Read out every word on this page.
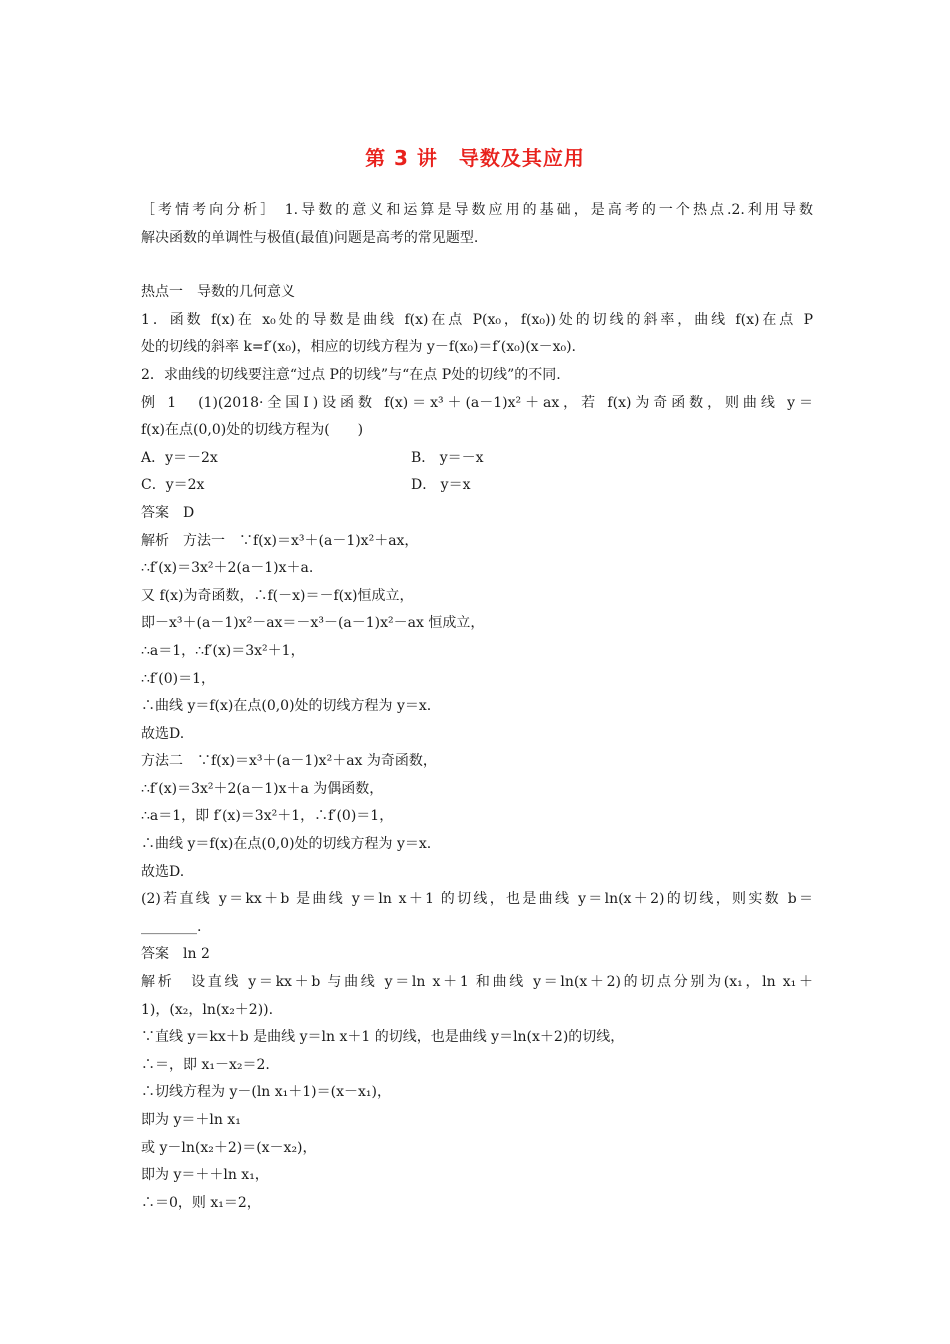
第 3 讲　导数及其应用
［考情考向分析］ 1.导数的意义和运算是导数应用的基础，是高考的一个热点.2.利用导数
解决函数的单调性与极值(最值)问题是高考的常见题型.
热点一　导数的几何意义
1．函数 f(x)在 x₀处的导数是曲线 f(x)在点 P(x₀，f(x₀))处的切线的斜率，曲线 f(x)在点 P
处的切线的斜率 k=f′(x₀)，相应的切线方程为 y－f(x₀)＝f′(x₀)(x－x₀).
2．求曲线的切线要注意“过点 P的切线”与“在点 P处的切线”的不同.
例 1　(1)(2018·全国Ⅰ)设函数 f(x)＝x³＋(a－1)x²＋ax，若 f(x)为奇函数，则曲线 y＝
f(x)在点(0,0)处的切线方程为(　　)
A．y＝－2x	B． y＝－x
C．y＝2x	D． y＝x
答案　D
解析　方法一　∵f(x)＝x³＋(a－1)x²＋ax，
∴f′(x)＝3x²＋2(a－1)x＋a.
又 f(x)为奇函数，∴f(－x)＝－f(x)恒成立，
即－x³＋(a－1)x²－ax＝－x³－(a－1)x²－ax 恒成立，
∴a＝1，∴f′(x)＝3x²＋1，
∴f′(0)＝1，
∴曲线 y＝f(x)在点(0,0)处的切线方程为 y＝x.
故选D.
方法二　∵f(x)＝x³＋(a－1)x²＋ax 为奇函数，
∴f′(x)＝3x²＋2(a－1)x＋a 为偶函数，
∴a＝1，即 f′(x)＝3x²＋1，∴f′(0)＝1，
∴曲线 y＝f(x)在点(0,0)处的切线方程为 y＝x.
故选D.
(2)若直线 y＝kx＋b 是曲线 y＝ln x＋1 的切线，也是曲线 y＝ln(x＋2)的切线，则实数 b＝
________.
答案　ln 2
解析　设直线 y＝kx＋b 与曲线 y＝ln x＋1 和曲线 y＝ln(x＋2)的切点分别为(x₁，ln x₁＋
1)，(x₂，ln(x₂＋2)).
∵直线 y＝kx＋b 是曲线 y＝ln x＋1 的切线，也是曲线 y＝ln(x＋2)的切线，
∴＝，即 x₁－x₂＝2.
∴切线方程为 y－(ln x₁＋1)＝(x－x₁)，
即为 y＝＋ln x₁
或 y－ln(x₂＋2)＝(x－x₂)，
即为 y＝＋＋ln x₁，
∴＝0，则 x₁＝2，
